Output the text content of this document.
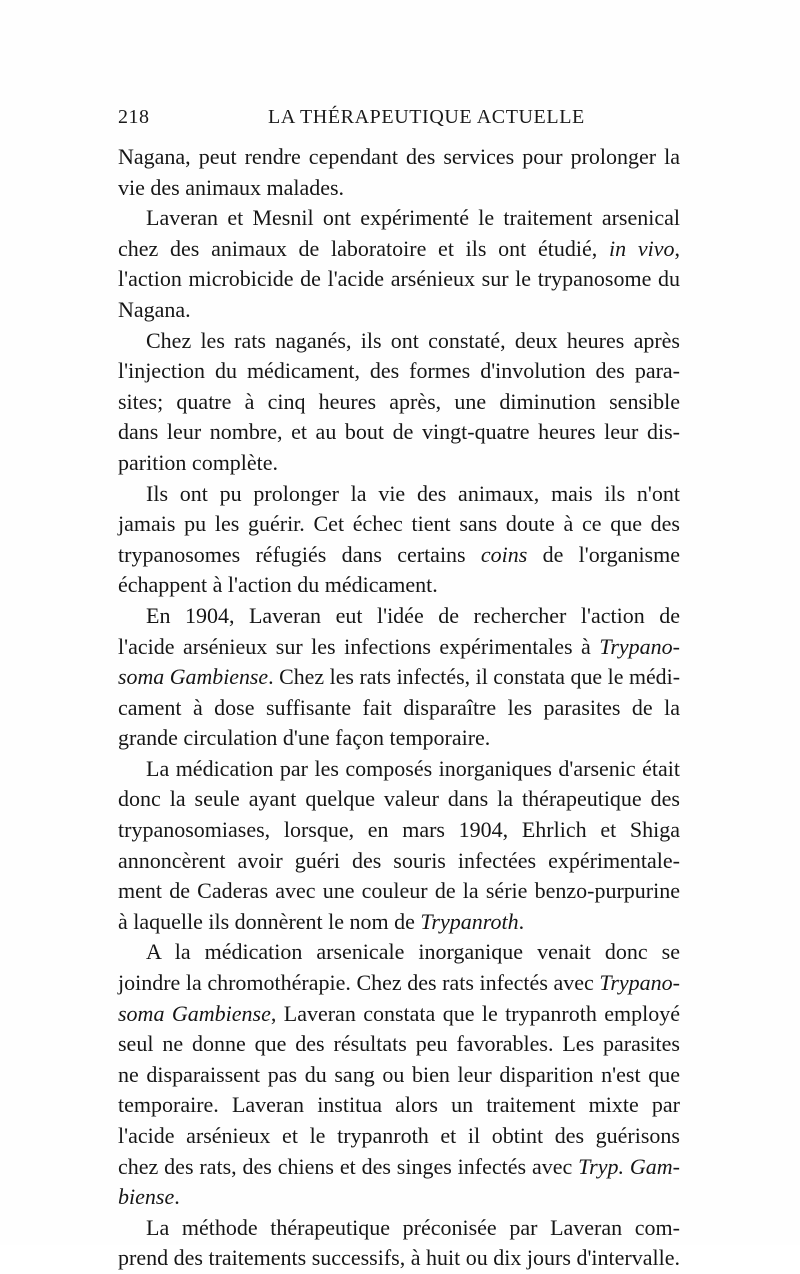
218	LA THÉRAPEUTIQUE ACTUELLE

Nagana, peut rendre cependant des services pour prolonger la
vie des animaux malades.

Laveran et Mesnil ont expérimenté le traitement arsenical
chez des animaux de laboratoire et ils ont étudié, in vivo,
l'action microbicide de l'acide arsénieux sur le trypanosome du
Nagana.

Chez les rats naganés, ils ont constaté, deux heures après
l'injection du médicament, des formes d'involution des para-
sites; quatre à cinq heures après, une diminution sensible
dans leur nombre, et au bout de vingt-quatre heures leur dis-
parition complète.

Ils ont pu prolonger la vie des animaux, mais ils n'ont
jamais pu les guérir. Cet échec tient sans doute à ce que des
trypanosomes réfugiés dans certains coins de l'organisme
échappent à l'action du médicament.

En 1904, Laveran eut l'idée de rechercher l'action de
l'acide arsénieux sur les infections expérimentales à Trypano-
soma Gambiense. Chez les rats infectés, il constata que le médi-
cament à dose suffisante fait disparaître les parasites de la
grande circulation d'une façon temporaire.

La médication par les composés inorganiques d'arsenic était
donc la seule ayant quelque valeur dans la thérapeutique des
trypanosomiases, lorsque, en mars 1904, Ehrlich et Shiga
annoncèrent avoir guéri des souris infectées expérimentale-
ment de Caderas avec une couleur de la série benzo-purpurine
à laquelle ils donnèrent le nom de Trypanroth.

A la médication arsenicale inorganique venait donc se
joindre la chromothérapie. Chez des rats infectés avec Trypano-
soma Gambiense, Laveran constata que le trypanroth employé
seul ne donne que des résultats peu favorables. Les parasites
ne disparaissent pas du sang ou bien leur disparition n'est que
temporaire. Laveran institua alors un traitement mixte par
l'acide arsénieux et le trypanroth et il obtint des guérisons
chez des rats, des chiens et des singes infectés avec Tryp. Gam-
biense.

La méthode thérapeutique préconisée par Laveran com-
prend des traitements successifs, à huit ou dix jours d'intervalle.
